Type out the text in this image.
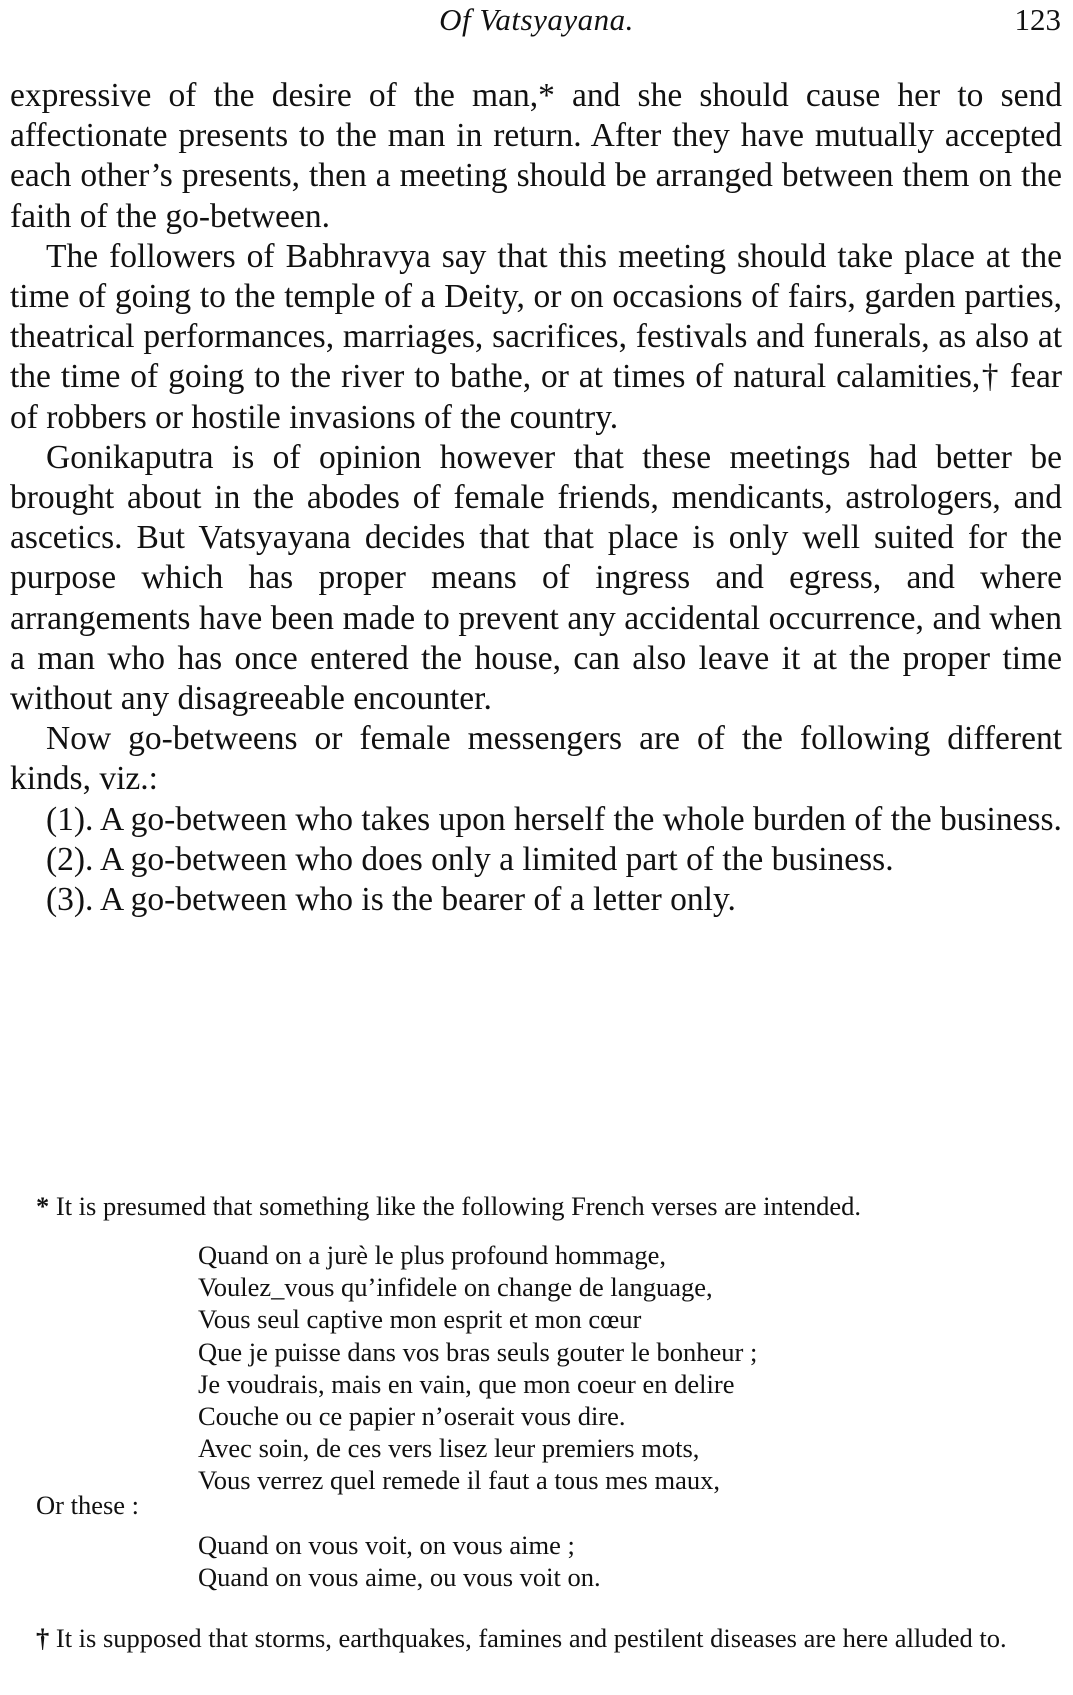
Of Vatsyayana.	123

expressive of the desire of the man,* and she should cause her to send affectionate presents to the man in return. After they have mutually accepted each other’s presents, then a meeting should be arranged between them on the faith of the go-between.

The followers of Babhravya say that this meeting should take place at the time of going to the temple of a Deity, or on occasions of fairs, garden parties, theatrical performances, marriages, sacrifices, festivals and funerals, as also at the time of going to the river to bathe, or at times of natural calamities,† fear of robbers or hostile invasions of the country.

Gonikaputra is of opinion however that these meetings had better be brought about in the abodes of female friends, mendicants, astrologers, and ascetics. But Vatsyayana decides that that place is only well suited for the purpose which has proper means of ingress and egress, and where arrangements have been made to prevent any accidental occurrence, and when a man who has once entered the house, can also leave it at the proper time without any disagreeable encounter.

Now go-betweens or female messengers are of the following different kinds, viz.:

(1). A go-between who takes upon herself the whole burden of the business.

(2). A go-between who does only a limited part of the business.

(3). A go-between who is the bearer of a letter only.

* It is presumed that something like the following French verses are intended.
Quand on a jurè le plus profound hommage,
Voulez_vous qu’infidele on change de language,
Vous seul captive mon esprit et mon cœur
Que je puisse dans vos bras seuls gouter le bonheur ;
Je voudrais, mais en vain, que mon coeur en delire
Couche ou ce papier n’oserait vous dire.
Avec soin, de ces vers lisez leur premiers mots,
Vous verrez quel remede il faut a tous mes maux,
Or these :
Quand on vous voit, on vous aime ;
Quand on vous aime, ou vous voit on.
† It is supposed that storms, earthquakes, famines and pestilent diseases are here alluded to.
